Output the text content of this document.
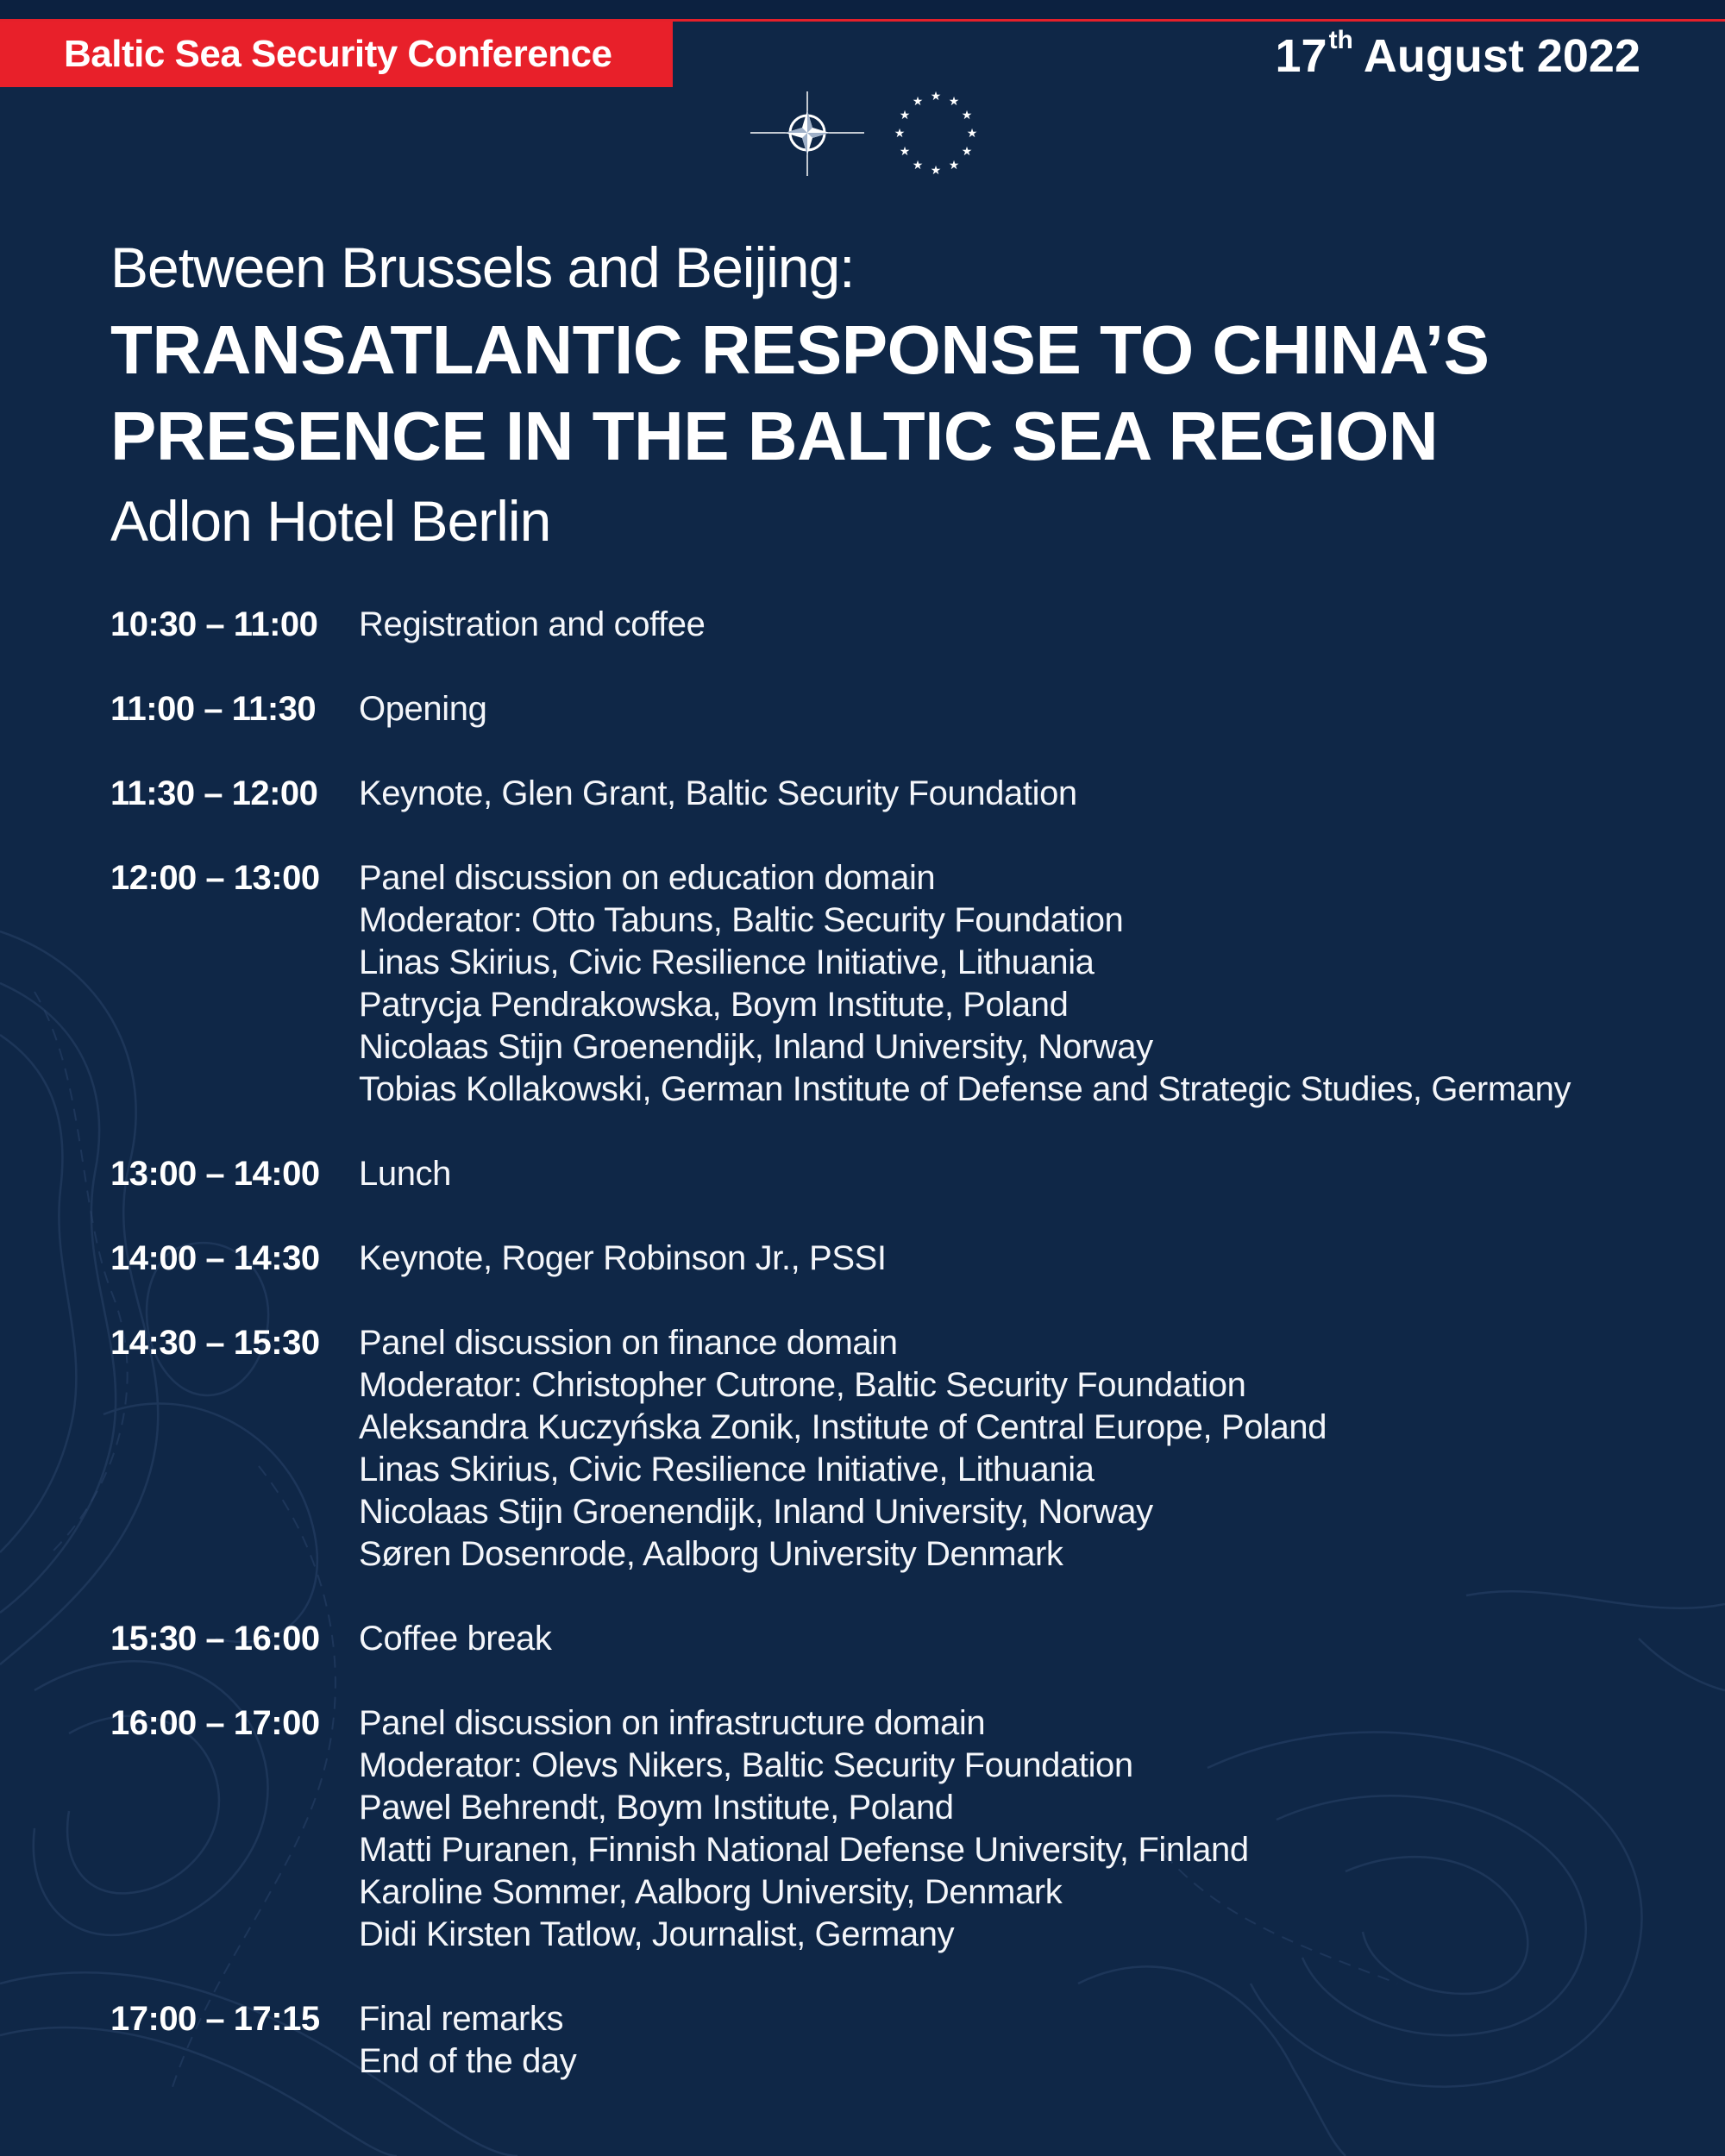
Baltic Sea Security Conference	17th August 2022
★ ★
★
★
★
★
★
★
★
★
★
★
Between Brussels and Beijing:
TRANSATLANTIC RESPONSE TO CHINA’S
PRESENCE IN THE BALTIC SEA REGION
Adlon Hotel Berlin
10:30 – 11:00	Registration and coffee
11:00 – 11:30	Opening
11:30 – 12:00	Keynote, Glen Grant, Baltic Security Foundation
12:00 – 13:00	Panel discussion on education domain
Moderator: Otto Tabuns, Baltic Security Foundation
Linas Skirius, Civic Resilience Initiative, Lithuania
Patrycja Pendrakowska, Boym Institute, Poland
Nicolaas Stijn Groenendijk, Inland University, Norway
Tobias Kollakowski, German Institute of Defense and Strategic Studies, Germany
13:00 – 14:00	Lunch
14:00 – 14:30	Keynote, Roger Robinson Jr., PSSI
14:30 – 15:30	Panel discussion on finance domain
Moderator: Christopher Cutrone, Baltic Security Foundation
Aleksandra Kuczyńska Zonik, Institute of Central Europe, Poland
Linas Skirius, Civic Resilience Initiative, Lithuania
Nicolaas Stijn Groenendijk, Inland University, Norway
Søren Dosenrode, Aalborg University Denmark
15:30 – 16:00	Coffee break
16:00 – 17:00	Panel discussion on infrastructure domain
Moderator: Olevs Nikers, Baltic Security Foundation
Pawel Behrendt, Boym Institute, Poland
Matti Puranen, Finnish National Defense University, Finland
Karoline Sommer, Aalborg University, Denmark
Didi Kirsten Tatlow, Journalist, Germany
17:00 – 17:15	Final remarks
End of the day
